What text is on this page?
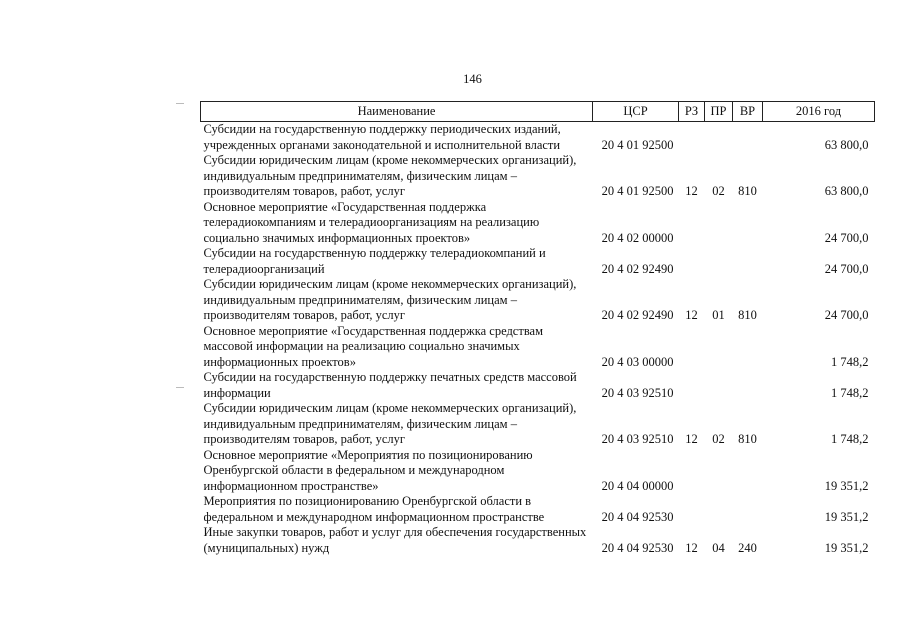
146
Наименование	ЦСР	РЗ	ПР	ВР	2016 год
Субсидии на государственную поддержку периодических изданий, учрежденных органами законодательной и исполнительной власти	20 4 01 92500				63 800,0
Субсидии юридическим лицам (кроме некоммерческих организаций), индивидуальным предпринимателям, физическим лицам – производителям товаров, работ, услуг	20 4 01 92500	12	02	810	63 800,0
Основное мероприятие «Государственная поддержка телерадиокомпаниям и телерадиоорганизациям на реализацию социально значимых информационных проектов»	20 4 02 00000				24 700,0
Субсидии на государственную поддержку телерадиокомпаний и телерадиоорганизаций	20 4 02 92490				24 700,0
Субсидии юридическим лицам (кроме некоммерческих организаций), индивидуальным предпринимателям, физическим лицам – производителям товаров, работ, услуг	20 4 02 92490	12	01	810	24 700,0
Основное мероприятие «Государственная поддержка средствам массовой информации на реализацию социально значимых информационных проектов»	20 4 03 00000				1 748,2
Субсидии на государственную поддержку печатных средств массовой информации	20 4 03 92510				1 748,2
Субсидии юридическим лицам (кроме некоммерческих организаций), индивидуальным предпринимателям, физическим лицам – производителям товаров, работ, услуг	20 4 03 92510	12	02	810	1 748,2
Основное мероприятие «Мероприятия по позиционированию Оренбургской области в федеральном и международном информационном пространстве»	20 4 04 00000				19 351,2
Мероприятия по позиционированию Оренбургской области в федеральном и международном информационном пространстве	20 4 04 92530				19 351,2
Иные закупки товаров, работ и услуг для обеспечения государственных (муниципальных) нужд	20 4 04 92530	12	04	240	19 351,2
